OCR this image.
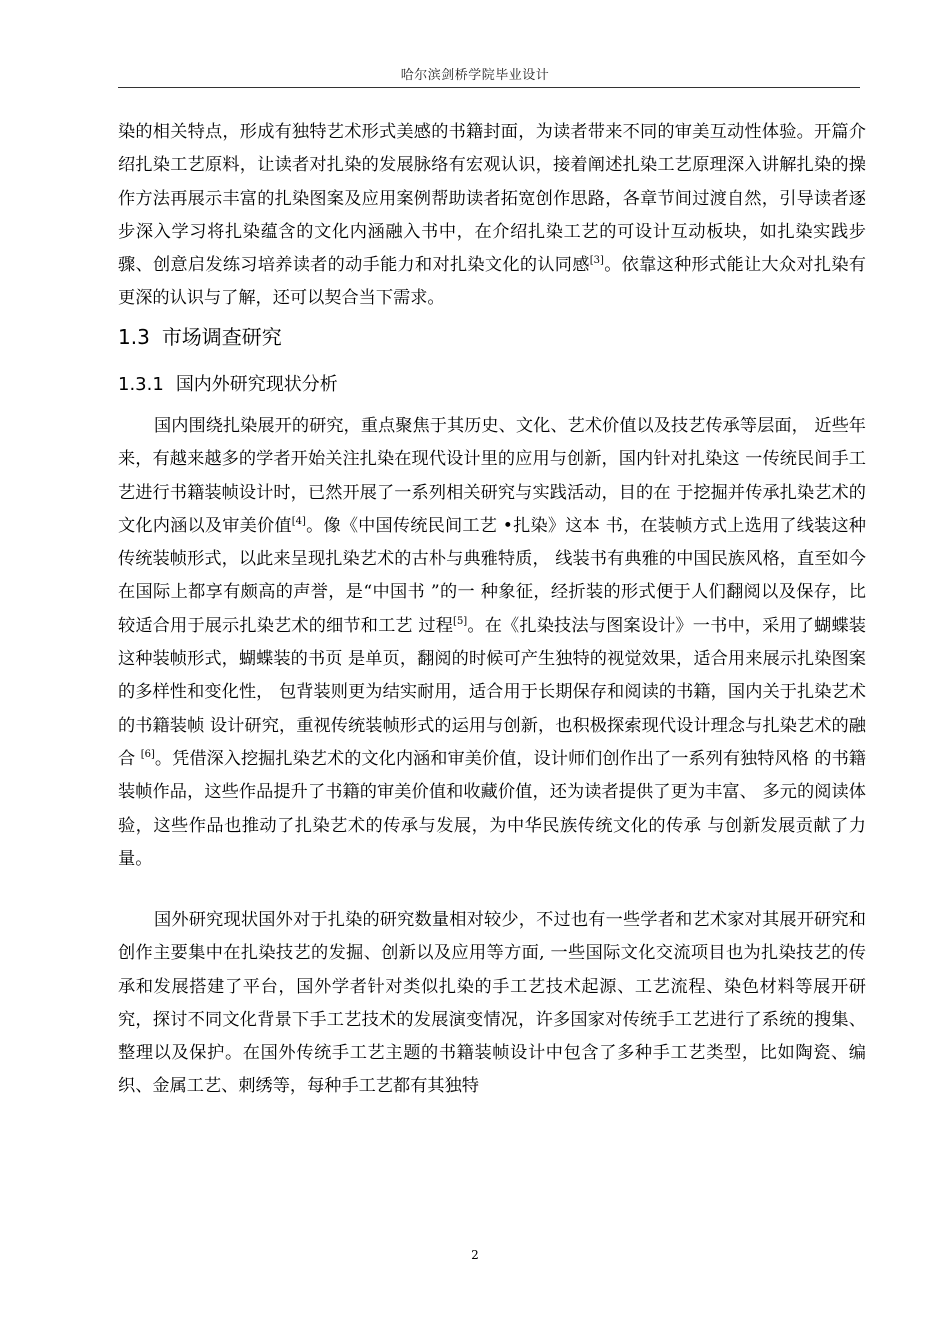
哈尔滨剑桥学院毕业设计

染的相关特点，形成有独特艺术形式美感的书籍封面，为读者带来不同的审美互动性体验。开篇介绍扎染工艺原料，让读者对扎染的发展脉络有宏观认识，接着阐述扎染工艺原理深入讲解扎染的操作方法再展示丰富的扎染图案及应用案例帮助读者拓宽创作思路，各章节间过渡自然，引导读者逐步深入学习将扎染蕴含的文化内涵融入书中，在介绍扎染工艺的可设计互动板块，如扎染实践步骤、创意启发练习培养读者的动手能力和对扎染文化的认同感[3]。依靠这种形式能让大众对扎染有更深的认识与了解，还可以契合当下需求。

1.3 市场调查研究
1.3.1 国内外研究现状分析

国内围绕扎染展开的研究，重点聚焦于其历史、文化、艺术价值以及技艺传承等层面， 近些年来，有越来越多的学者开始关注扎染在现代设计里的应用与创新，国内针对扎染这 一传统民间手工艺进行书籍装帧设计时，已然开展了一系列相关研究与实践活动，目的在 于挖掘并传承扎染艺术的文化内涵以及审美价值[4]。像《中国传统民间工艺 •扎染》这本 书，在装帧方式上选用了线装这种传统装帧形式，以此来呈现扎染艺术的古朴与典雅特质， 线装书有典雅的中国民族风格，直至如今在国际上都享有颇高的声誉，是“中国书 ”的一 种象征，经折装的形式便于人们翻阅以及保存，比较适合用于展示扎染艺术的细节和工艺 过程[5]。在《扎染技法与图案设计》一书中，采用了蝴蝶装这种装帧形式，蝴蝶装的书页 是单页，翻阅的时候可产生独特的视觉效果，适合用来展示扎染图案的多样性和变化性， 包背装则更为结实耐用，适合用于长期保存和阅读的书籍，国内关于扎染艺术的书籍装帧 设计研究，重视传统装帧形式的运用与创新，也积极探索现代设计理念与扎染艺术的融合 [6]。凭借深入挖掘扎染艺术的文化内涵和审美价值，设计师们创作出了一系列有独特风格 的书籍装帧作品，这些作品提升了书籍的审美价值和收藏价值，还为读者提供了更为丰富、 多元的阅读体验，这些作品也推动了扎染艺术的传承与发展，为中华民族传统文化的传承 与创新发展贡献了力量。

国外研究现状国外对于扎染的研究数量相对较少，不过也有一些学者和艺术家对其展开研究和创作主要集中在扎染技艺的发掘、创新以及应用等方面, 一些国际文化交流项目也为扎染技艺的传承和发展搭建了平台，国外学者针对类似扎染的手工艺技术起源、工艺流程、染色材料等展开研究，探讨不同文化背景下手工艺技术的发展演变情况，许多国家对传统手工艺进行了系统的搜集、整理以及保护。在国外传统手工艺主题的书籍装帧设计中包含了多种手工艺类型，比如陶瓷、编织、金属工艺、刺绣等，每种手工艺都有其独特

2
